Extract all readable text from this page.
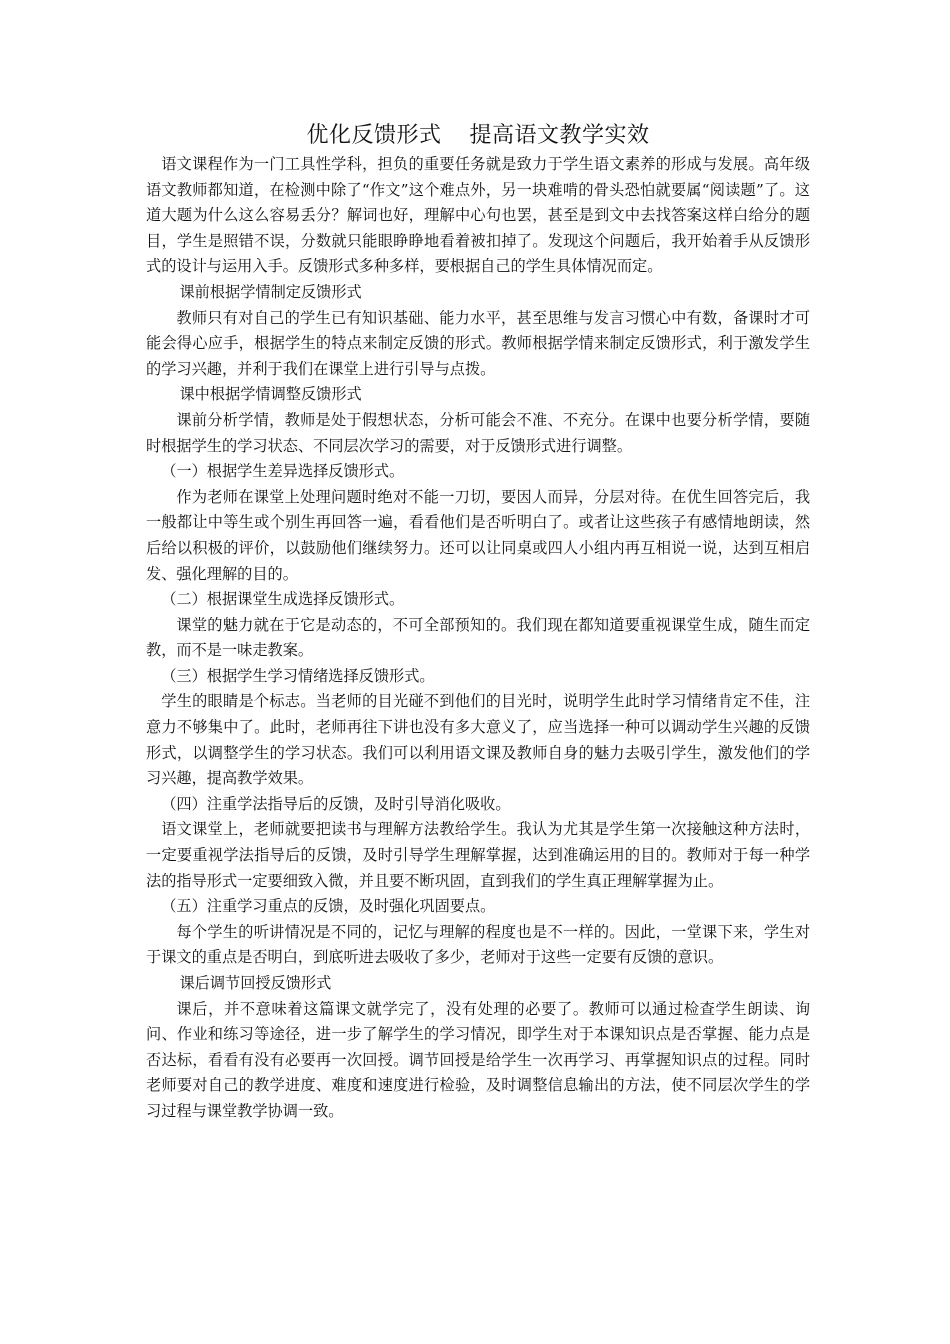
优化反馈形式 提高语文教学实效

语文课程作为一门工具性学科，担负的重要任务就是致力于学生语文素养的形成与发展。高年级语文教师都知道，在检测中除了“作文”这个难点外，另一块难啃的骨头恐怕就要属“阅读题”了。这道大题为什么这么容易丢分？解词也好，理解中心句也罢，甚至是到文中去找答案这样白给分的题目，学生是照错不误，分数就只能眼睁睁地看着被扣掉了。发现这个问题后，我开始着手从反馈形式的设计与运用入手。反馈形式多种多样，要根据自己的学生具体情况而定。

课前根据学情制定反馈形式

教师只有对自己的学生已有知识基础、能力水平，甚至思维与发言习惯心中有数，备课时才可能会得心应手，根据学生的特点来制定反馈的形式。教师根据学情来制定反馈形式，利于激发学生的学习兴趣，并利于我们在课堂上进行引导与点拨。

课中根据学情调整反馈形式

课前分析学情，教师是处于假想状态，分析可能会不准、不充分。在课中也要分析学情，要随时根据学生的学习状态、不同层次学习的需要，对于反馈形式进行调整。

（一）根据学生差异选择反馈形式。

作为老师在课堂上处理问题时绝对不能一刀切，要因人而异，分层对待。在优生回答完后，我一般都让中等生或个别生再回答一遍，看看他们是否听明白了。或者让这些孩子有感情地朗读，然后给以积极的评价，以鼓励他们继续努力。还可以让同桌或四人小组内再互相说一说，达到互相启发、强化理解的目的。

（二）根据课堂生成选择反馈形式。

课堂的魅力就在于它是动态的，不可全部预知的。我们现在都知道要重视课堂生成，随生而定教，而不是一味走教案。

（三）根据学生学习情绪选择反馈形式。

学生的眼睛是个标志。当老师的目光碰不到他们的目光时，说明学生此时学习情绪肯定不佳，注意力不够集中了。此时，老师再往下讲也没有多大意义了，应当选择一种可以调动学生兴趣的反馈形式，以调整学生的学习状态。我们可以利用语文课及教师自身的魅力去吸引学生，激发他们的学习兴趣，提高教学效果。

（四）注重学法指导后的反馈，及时引导消化吸收。

语文课堂上，老师就要把读书与理解方法教给学生。我认为尤其是学生第一次接触这种方法时，一定要重视学法指导后的反馈，及时引导学生理解掌握，达到准确运用的目的。教师对于每一种学法的指导形式一定要细致入微，并且要不断巩固，直到我们的学生真正理解掌握为止。

（五）注重学习重点的反馈，及时强化巩固要点。

每个学生的听讲情况是不同的，记忆与理解的程度也是不一样的。因此，一堂课下来，学生对于课文的重点是否明白，到底听进去吸收了多少，老师对于这些一定要有反馈的意识。

课后调节回授反馈形式

课后，并不意味着这篇课文就学完了，没有处理的必要了。教师可以通过检查学生朗读、询问、作业和练习等途径，进一步了解学生的学习情况，即学生对于本课知识点是否掌握、能力点是否达标，看看有没有必要再一次回授。调节回授是给学生一次再学习、再掌握知识点的过程。同时老师要对自己的教学进度、难度和速度进行检验，及时调整信息输出的方法，使不同层次学生的学习过程与课堂教学协调一致。
